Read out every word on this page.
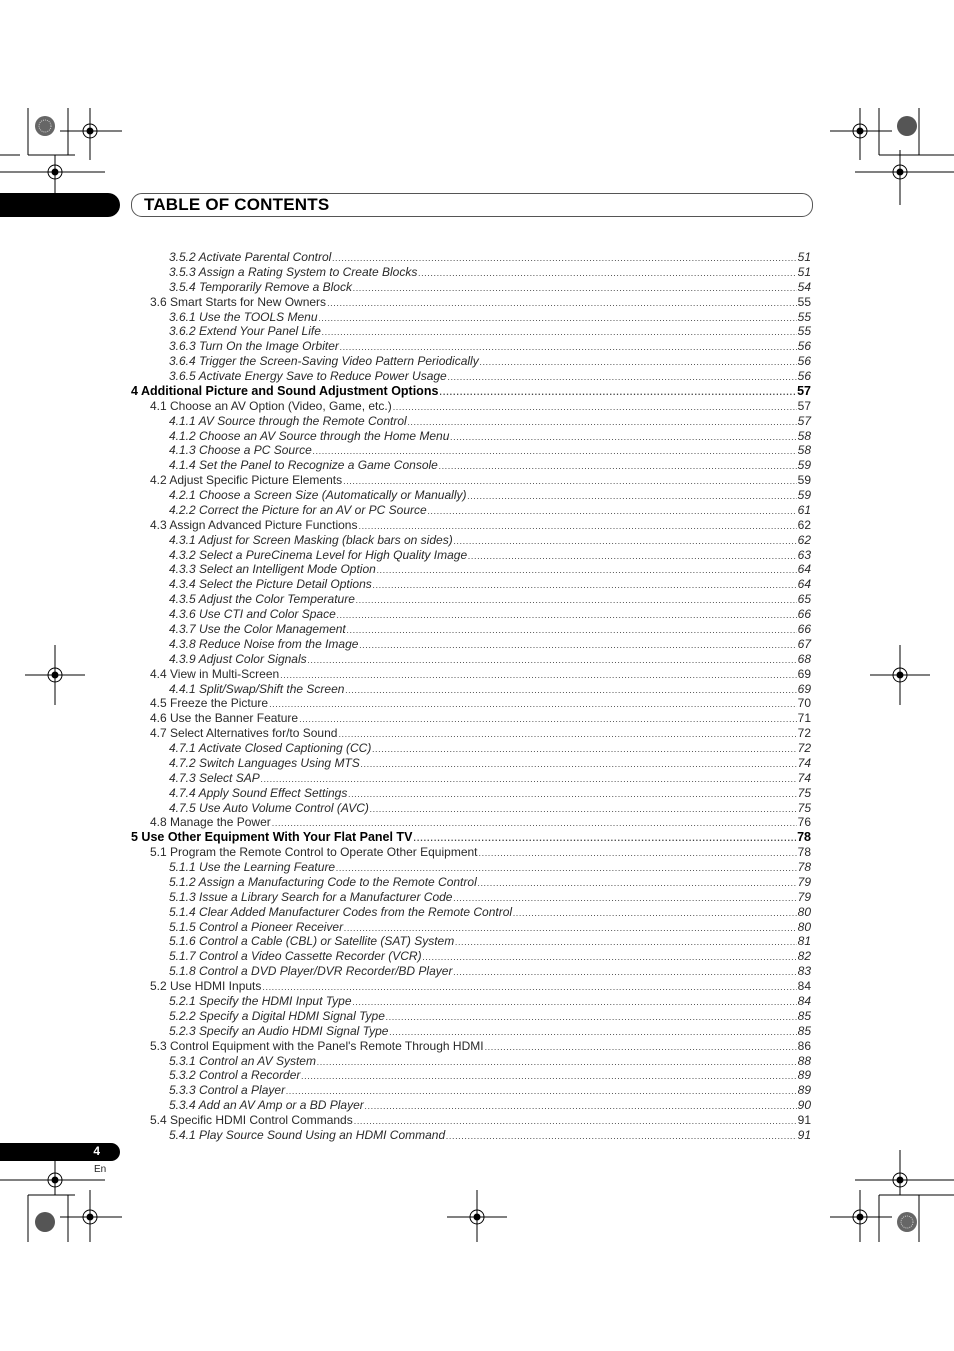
TABLE OF CONTENTS
3.5.2 Activate Parental Control .....	51
3.5.3 Assign a Rating System to Create Blocks .....	51
3.5.4 Temporarily Remove a Block .....	54
3.6 Smart Starts for New Owners .....	55
3.6.1 Use the TOOLS Menu .....	55
3.6.2 Extend Your Panel Life .....	55
3.6.3 Turn On the Image Orbiter .....	56
3.6.4 Trigger the Screen-Saving Video Pattern Periodically .....	56
3.6.5 Activate Energy Save to Reduce Power Usage .....	56
4 Additional Picture and Sound Adjustment Options .....	57
4.1 Choose an AV Option (Video, Game, etc.) .....	57
4.1.1 AV Source through the Remote Control .....	57
4.1.2 Choose an AV Source through the Home Menu .....	58
4.1.3 Choose a PC Source .....	58
4.1.4 Set the Panel to Recognize a Game Console .....	59
4.2 Adjust Specific Picture Elements .....	59
4.2.1 Choose a Screen Size (Automatically or Manually) .....	59
4.2.2 Correct the Picture for an AV or PC Source .....	61
4.3 Assign Advanced Picture Functions .....	62
4.3.1 Adjust for Screen Masking (black bars on sides) .....	62
4.3.2 Select a PureCinema Level for High Quality Image .....	63
4.3.3 Select an Intelligent Mode Option .....	64
4.3.4 Select the Picture Detail Options .....	64
4.3.5 Adjust the Color Temperature .....	65
4.3.6 Use CTI and Color Space .....	66
4.3.7 Use the Color Management .....	66
4.3.8 Reduce Noise from the Image .....	67
4.3.9 Adjust Color Signals .....	68
4.4 View in Multi-Screen .....	69
4.4.1 Split/Swap/Shift the Screen .....	69
4.5 Freeze the Picture .....	70
4.6 Use the Banner Feature .....	71
4.7 Select Alternatives for/to Sound .....	72
4.7.1 Activate Closed Captioning (CC) .....	72
4.7.2 Switch Languages Using MTS .....	74
4.7.3 Select SAP .....	74
4.7.4 Apply Sound Effect Settings .....	75
4.7.5 Use Auto Volume Control (AVC) .....	75
4.8 Manage the Power .....	76
5 Use Other Equipment With Your Flat Panel TV .....	78
5.1 Program the Remote Control to Operate Other Equipment .....	78
5.1.1 Use the Learning Feature .....	78
5.1.2 Assign a Manufacturing Code to the Remote Control .....	79
5.1.3 Issue a Library Search for a Manufacturer Code .....	79
5.1.4 Clear Added Manufacturer Codes from the Remote Control .....	80
5.1.5 Control a Pioneer Receiver .....	80
5.1.6 Control a Cable (CBL) or Satellite (SAT) System .....	81
5.1.7 Control a Video Cassette Recorder (VCR) .....	82
5.1.8 Control a DVD Player/DVR Recorder/BD Player .....	83
5.2 Use HDMI Inputs .....	84
5.2.1 Specify the HDMI Input Type .....	84
5.2.2 Specify a Digital HDMI Signal Type .....	85
5.2.3 Specify an Audio HDMI Signal Type .....	85
5.3 Control Equipment with the Panel's Remote Through HDMI .....	86
5.3.1 Control an AV System .....	88
5.3.2 Control a Recorder .....	89
5.3.3 Control a Player .....	89
5.3.4 Add an AV Amp or a BD Player .....	90
5.4 Specific HDMI Control Commands .....	91
5.4.1 Play Source Sound Using an HDMI Command .....	91
4
En
